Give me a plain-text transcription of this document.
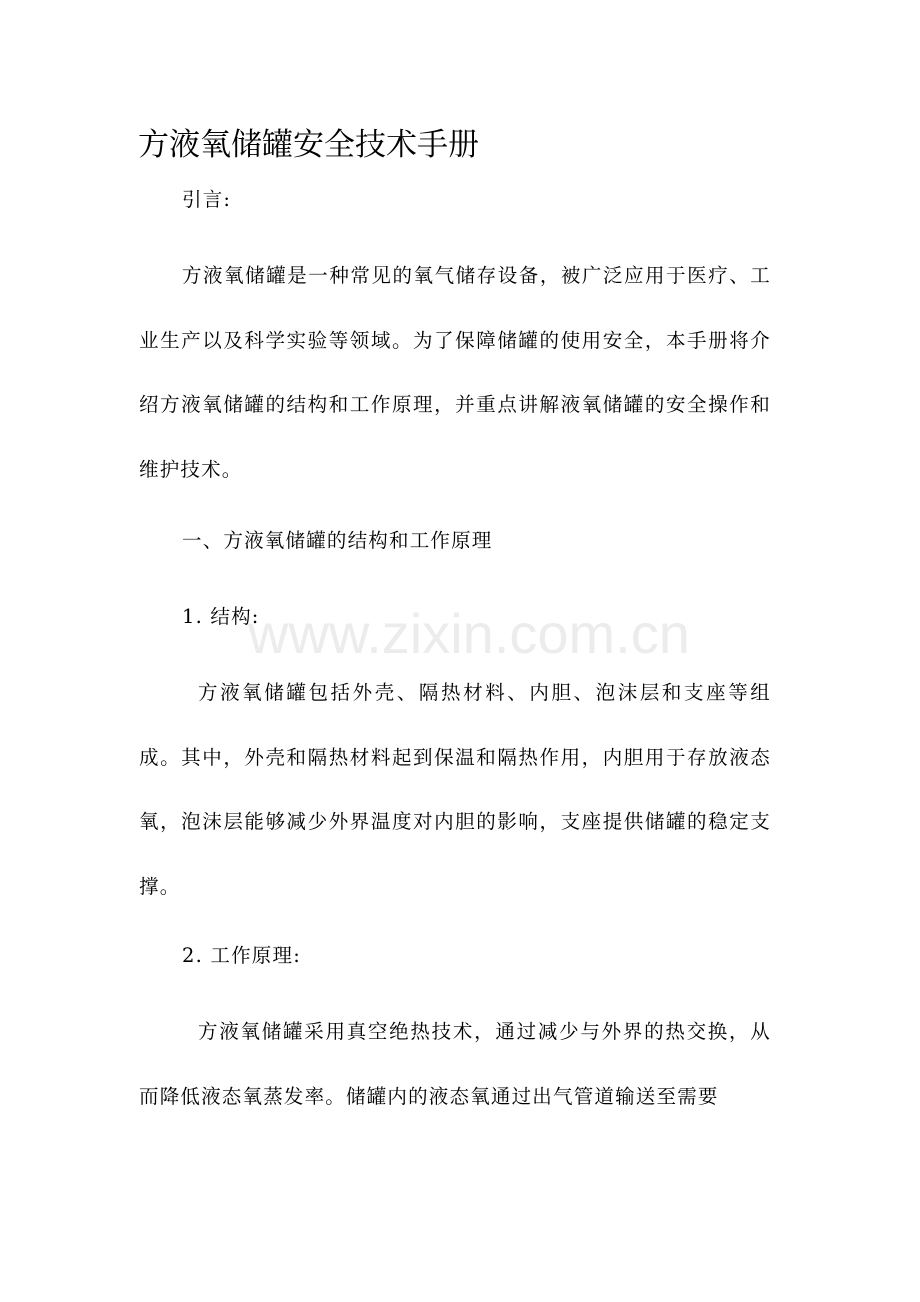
方液氧储罐安全技术手册

引言:

方液氧储罐是一种常见的氧气储存设备，被广泛应用于医疗、工业生产以及科学实验等领域。为了保障储罐的使用安全，本手册将介绍方液氧储罐的结构和工作原理，并重点讲解液氧储罐的安全操作和维护技术。

一、方液氧储罐的结构和工作原理

1. 结构:

方液氧储罐包括外壳、隔热材料、内胆、泡沫层和支座等组成。其中，外壳和隔热材料起到保温和隔热作用，内胆用于存放液态氧，泡沫层能够减少外界温度对内胆的影响，支座提供储罐的稳定支撑。

2. 工作原理:

方液氧储罐采用真空绝热技术，通过减少与外界的热交换，从而降低液态氧蒸发率。储罐内的液态氧通过出气管道输送至需要

www.zixin.com.cn
